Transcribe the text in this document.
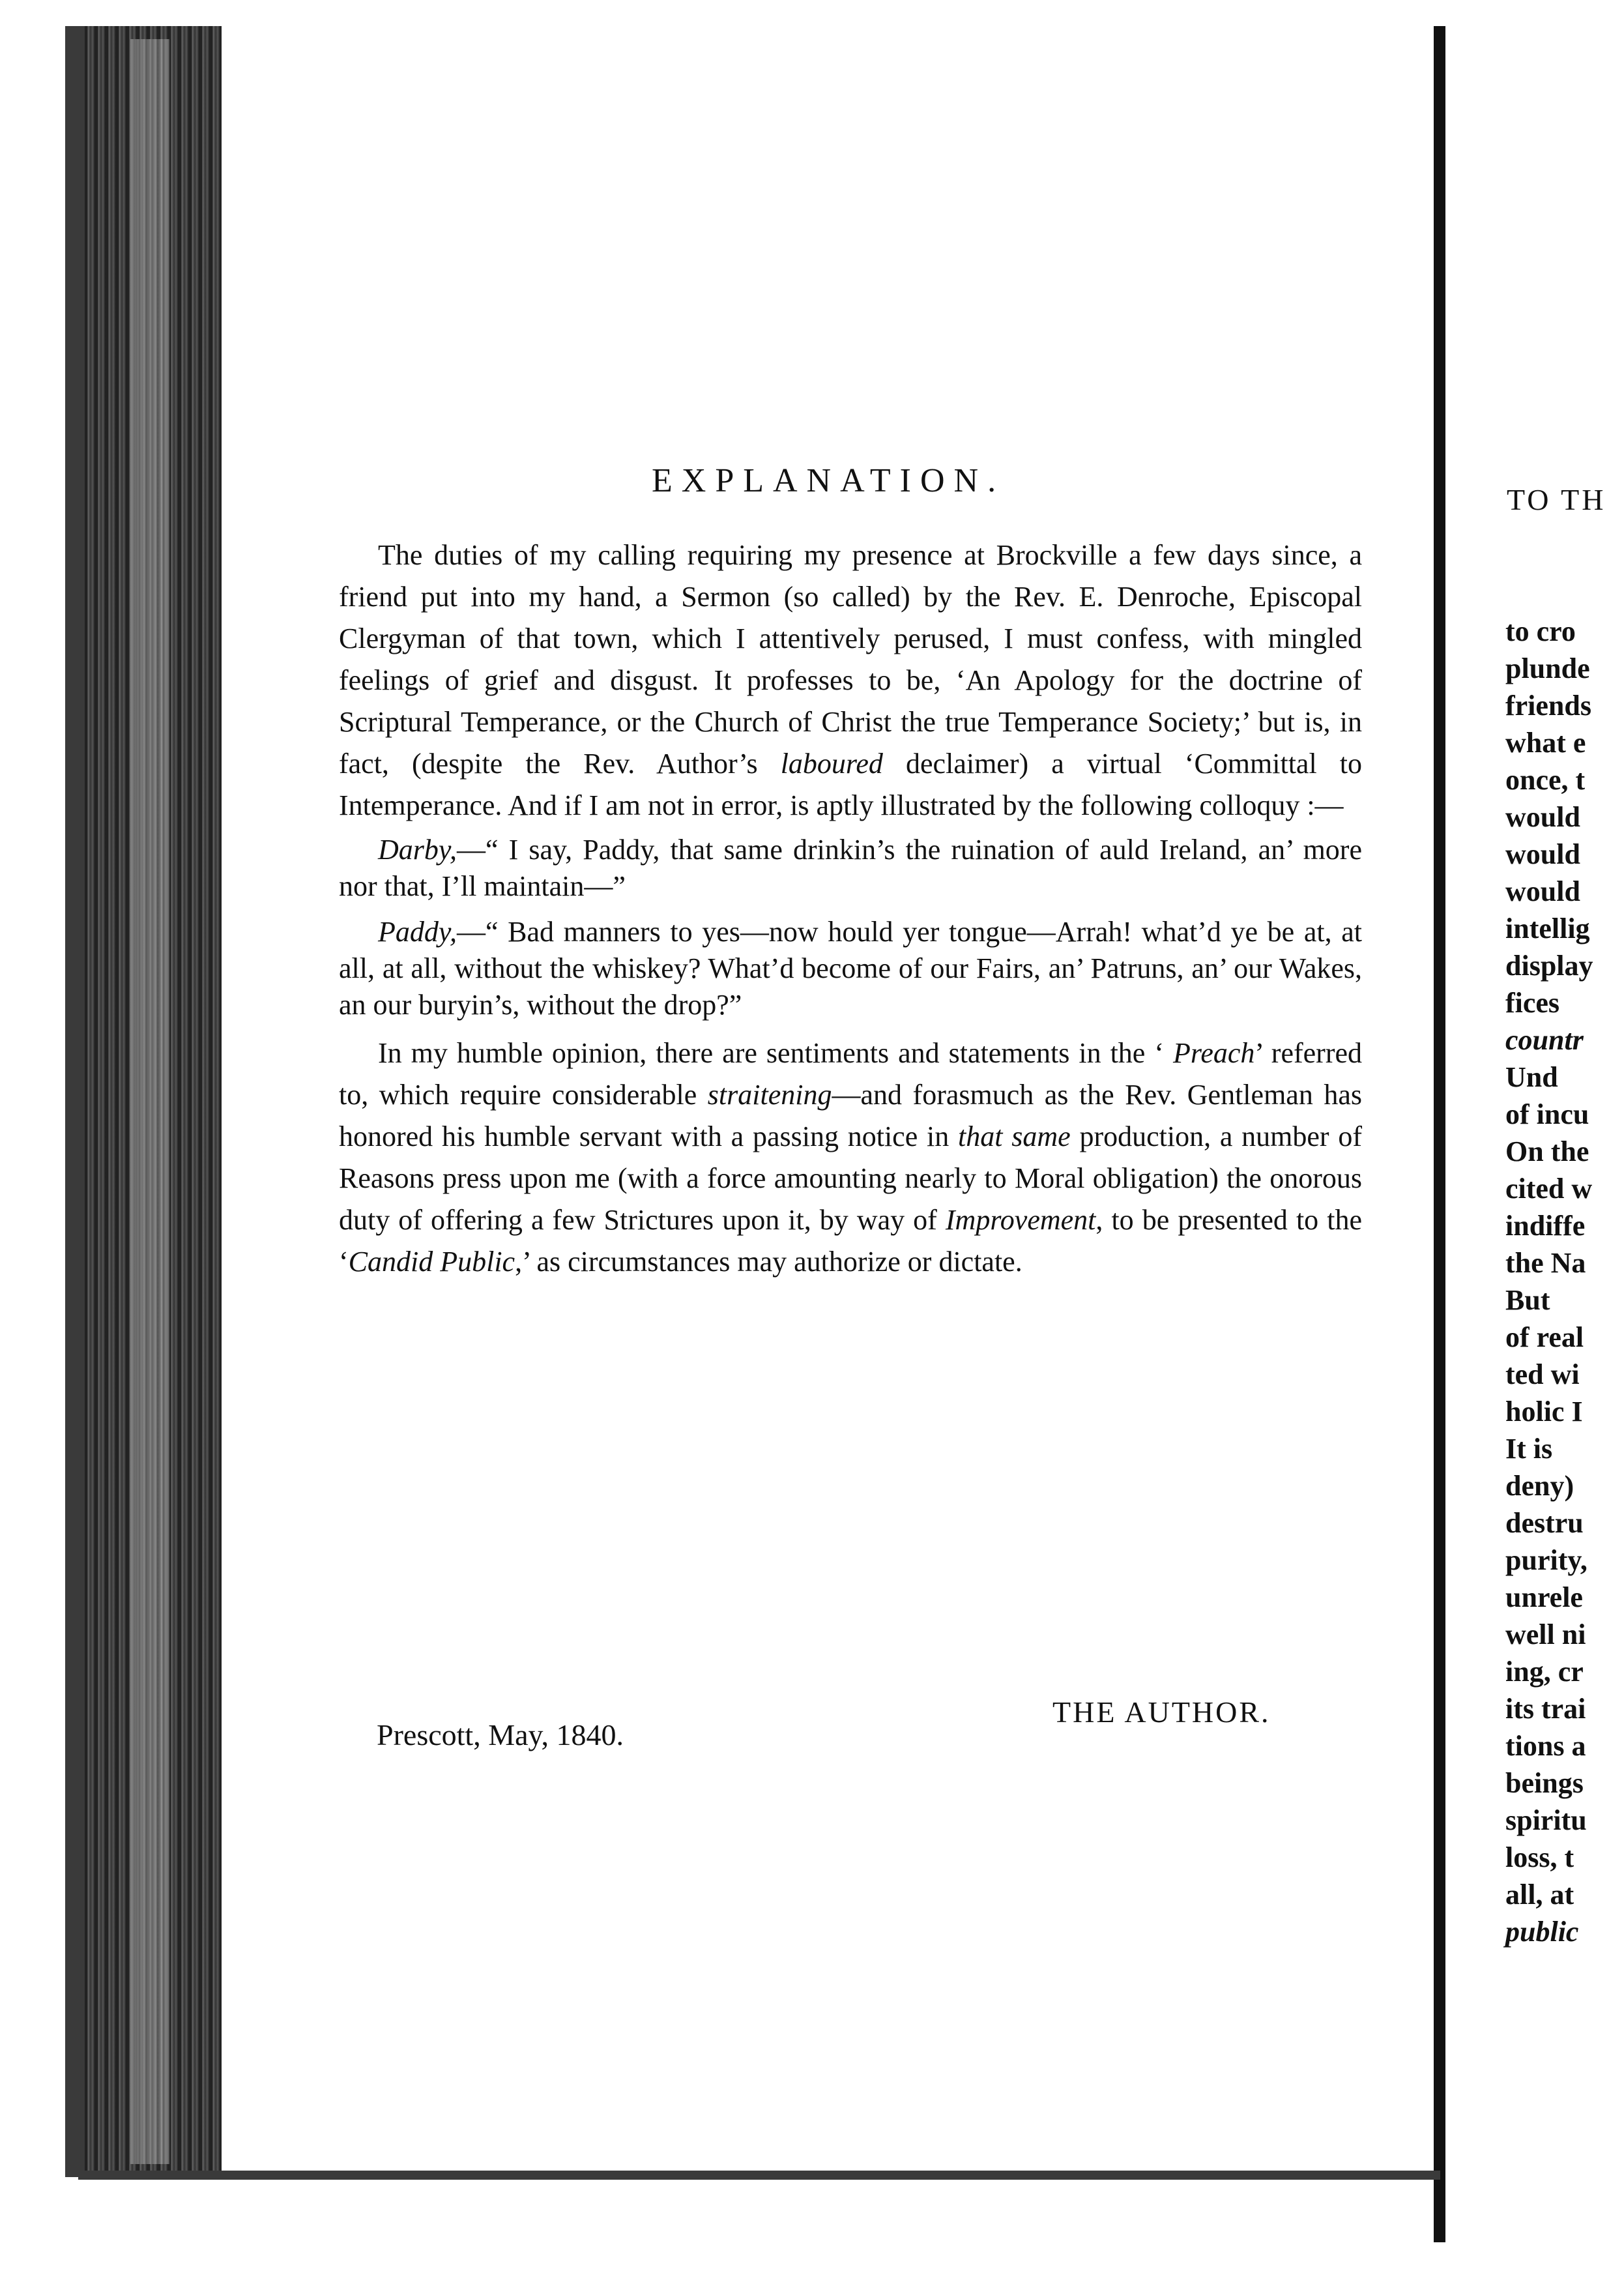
EXPLANATION.

The duties of my calling requiring my presence at Brockville a few days since, a friend put into my hand, a Sermon (so called) by the Rev. E. Denroche, Episcopal Clergyman of that town, which I attentively perused, I must confess, with mingled feelings of grief and disgust. It professes to be, ‘An Apology for the doctrine of Scriptural Temperance, or the Church of Christ the true Temperance Society;’ but is, in fact, (despite the Rev. Author’s laboured declaimer) a virtual ‘Committal to Intemperance. And if I am not in error, is aptly illustrated by the following colloquy :—

Darby,—“ I say, Paddy, that same drinkin’s the ruination of auld Ireland, an’ more nor that, I’ll maintain—”

Paddy,—“ Bad manners to yes—now hould yer tongue—Arrah! what’d ye be at, at all, at all, without the whiskey? What’d become of our Fairs, an’ Patruns, an’ our Wakes, an our buryin’s, without the drop?”

In my humble opinion, there are sentiments and statements in the ‘ Preach’ referred to, which require considerable straitening—and forasmuch as the Rev. Gentleman has honored his humble servant with a passing notice in that same production, a number of Reasons press upon me (with a force amounting nearly to Moral obligation) the onorous duty of offering a few Strictures upon it, by way of Improvement, to be presented to the ‘Candid Public,’ as circumstances may authorize or dictate.

THE AUTHOR.
Prescott, May, 1840.
TO TH
to cro
plunde
friends
what e
once, t
would
would
would
intellig
display
fices
countr
Und
of incu
On the
cited w
indiffe
the Na
But
of real
ted wi
holic I
It is
deny)
destru
purity,
unrele
well ni
ing, cr
its trai
tions a
beings
spiritu
loss, t
all, at
public
